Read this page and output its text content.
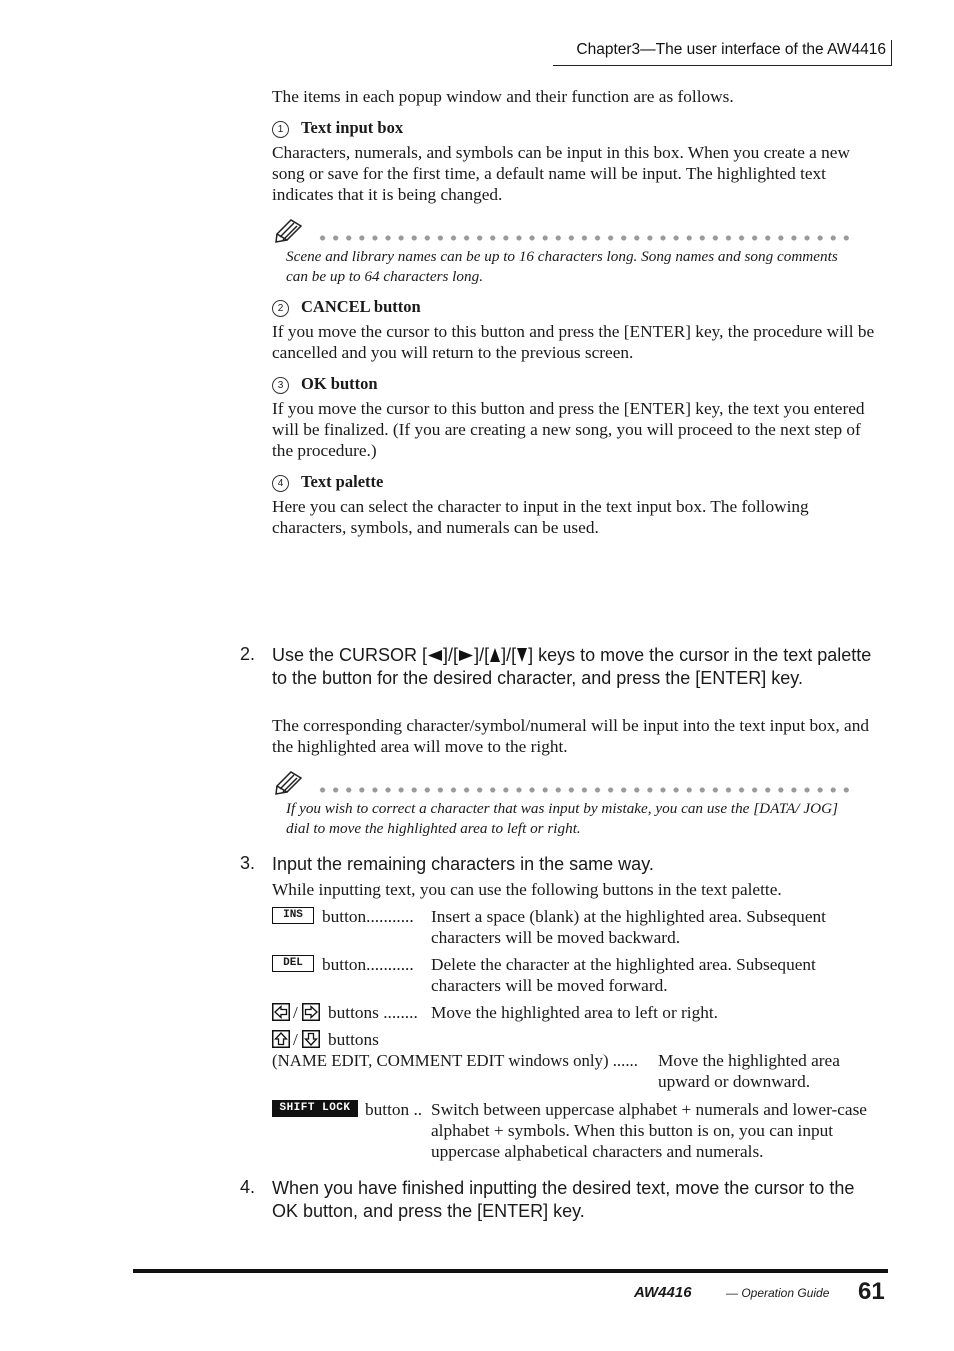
Chapter3—The user interface of the AW4416
The items in each popup window and their function are as follows.
1 Text input box
Characters, numerals, and symbols can be input in this box. When you create a new song or save for the first time, a default name will be input. The highlighted text indicates that it is being changed.
Scene and library names can be up to 16 characters long. Song names and song comments can be up to 64 characters long.
2 CANCEL button
If you move the cursor to this button and press the [ENTER] key, the procedure will be cancelled and you will return to the previous screen.
3 OK button
If you move the cursor to this button and press the [ENTER] key, the text you entered will be finalized. (If you are creating a new song, you will proceed to the next step of the procedure.)
4 Text palette
Here you can select the character to input in the text input box. The following characters, symbols, and numerals can be used.
2. Use the CURSOR [ ]/[ ]/[ ]/[ ] keys to move the cursor in the text palette to the button for the desired character, and press the [ENTER] key.
The corresponding character/symbol/numeral will be input into the text input box, and the highlighted area will move to the right.
If you wish to correct a character that was input by mistake, you can use the [DATA/ JOG] dial to move the highlighted area to left or right.
3. Input the remaining characters in the same way.
While inputting text, you can use the following buttons in the text palette.
INS	button........... Insert a space (blank) at the highlighted area. Subsequent characters will be moved backward.
DEL	button........... Delete the character at the highlighted area. Subsequent characters will be moved forward.
/ buttons ........ Move the highlighted area to left or right.
/ buttons
(NAME EDIT, COMMENT EDIT windows only) ...... Move the highlighted area upward or downward.
SHIFT LOCK button .. Switch between uppercase alphabet + numerals and lower-case alphabet + symbols. When this button is on, you can input uppercase alphabetical characters and numerals.
4. When you have finished inputting the desired text, move the cursor to the OK button, and press the [ENTER] key.
AW4416	— Operation Guide 61
